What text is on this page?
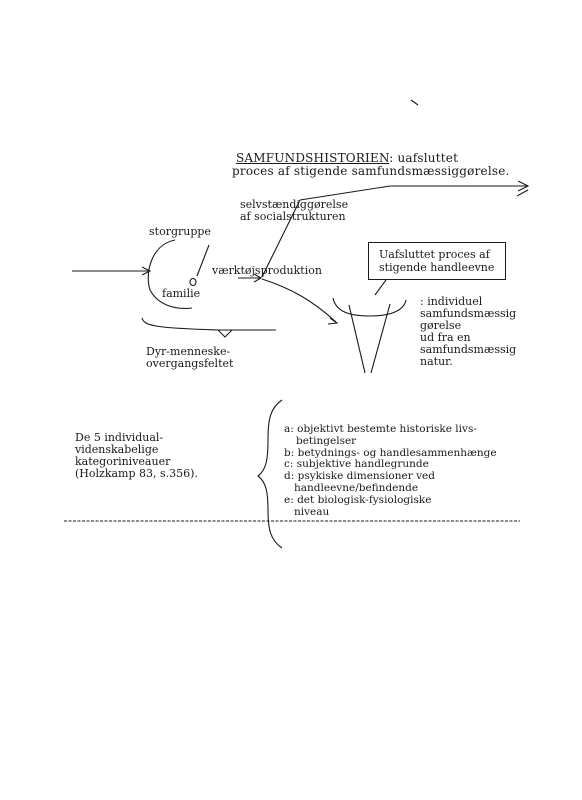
SAMFUNDSHISTORIEN: uafsluttet
proces af stigende samfundsmæssiggørelse.
selvstændiggørelse
af socialstrukturen
storgruppe
værktøjsproduktion
familie
Dyr-menneske-
overgangsfeltet
Uafsluttet proces af
stigende handleevne
: individuel
samfundsmæssig
gørelse
ud fra en
samfundsmæssig
natur.
De 5 individual-
videnskabelige
kategoriniveauer
(Holzkamp 83, s.356).
a: objektivt bestemte historiske livs-
betingelser
b: betydnings- og handlesammenhænge
c: subjektive handlegrunde
d: psykiske dimensioner ved
handleevne/befindende
e: det biologisk-fysiologiske
niveau
